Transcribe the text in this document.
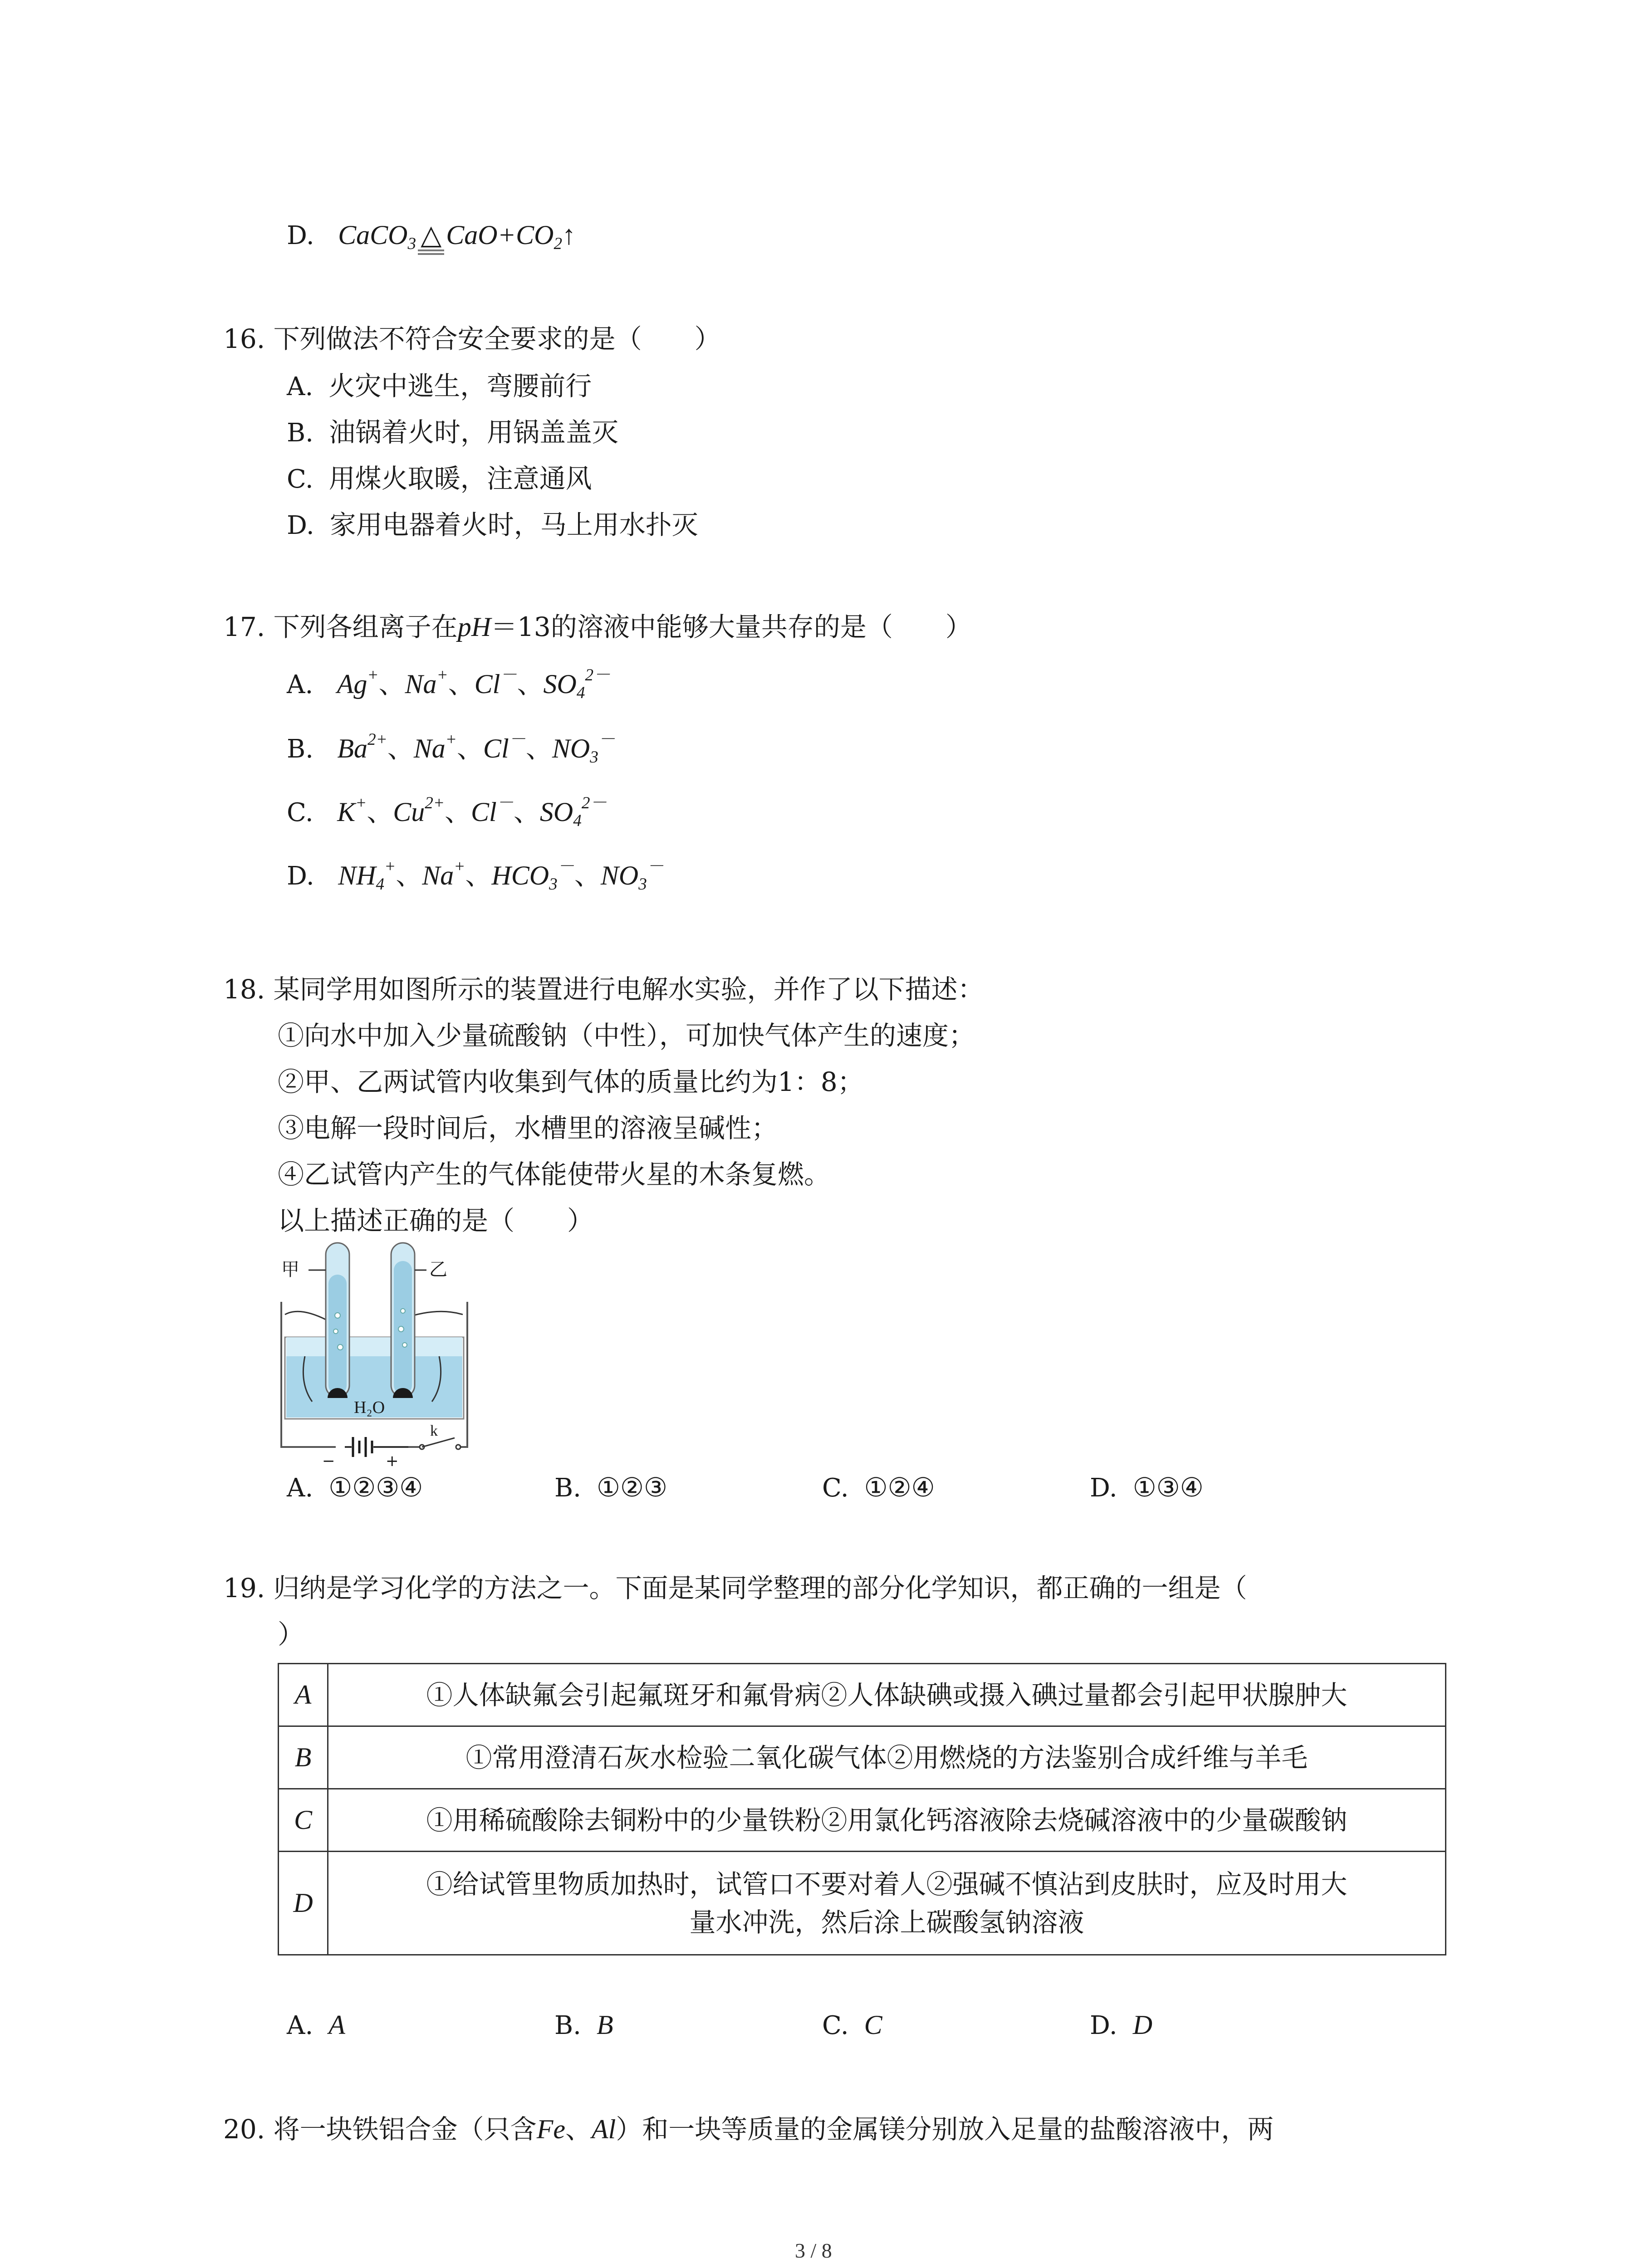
D. CaCO$_3$ △ $CaO+CO_2↑$
16. 下列做法不符合安全要求的是（　　）
A. 火灾中逃生，弯腰前行
B. 油锅着火时，用锅盖盖灭
C. 用煤火取暖，注意通风
D. 家用电器着火时，马上用水扑灭
17. 下列各组离子在pH＝13的溶液中能够大量共存的是（　　）
A. Ag+、Na+、Cl－、$SO_4^{2-}$
B. $Ba^{2+}$、Na+、Cl－、$NO_3^-$
C. K+、$Cu^{2+}$、Cl－、$SO_4^{2-}$
D. $NH_4^+$、Na+、$HCO_3^-$、$NO_3^-$
18. 某同学用如图所示的装置进行电解水实验，并作了以下描述：
①向水中加入少量硫酸钠（中性），可加快气体产生的速度；
②甲、乙两试管内收集到气体的质量比约为1：8；
③电解一段时间后，水槽里的溶液呈碱性；
④乙试管内产生的气体能使带火星的木条复燃。
以上描述正确的是（　　）
甲	乙
H₂O
−	+
k
A. ①②③④	B. ①②③	C. ①②④	D. ①③④
19. 归纳是学习化学的方法之一。下面是某同学整理的部分化学知识，都正确的一组是（
）
A	①人体缺氟会引起氟斑牙和氟骨病②人体缺碘或摄入碘过量都会引起甲状腺肿大

B	①常用澄清石灰水检验二氧化碳气体②用燃烧的方法鉴别合成纤维与羊毛

C	①用稀硫酸除去铜粉中的少量铁粉②用氯化钙溶液除去烧碱溶液中的少量碳酸钠

D	①给试管里物质加热时，试管口不要对着人②强碱不慎沾到皮肤时，应及时用大
量水冲洗，然后涂上碳酸氢钠溶液
A. A	B. B	C. C	D. D
20. 将一块铁铝合金（只含Fe、Al）和一块等质量的金属镁分别放入足量的盐酸溶液中，两
3 / 8
